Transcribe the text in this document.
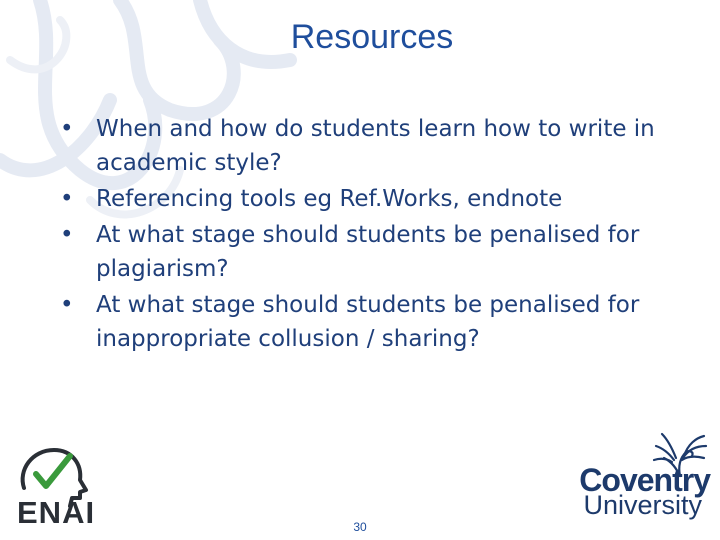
Resources
• When and how do students learn how to write in academic style?
• Referencing tools eg Ref.Works, endnote
• At what stage should students be penalised for plagiarism?
• At what stage should students be penalised for inappropriate collusion / sharing?
ENAI	30
Coventry
University
